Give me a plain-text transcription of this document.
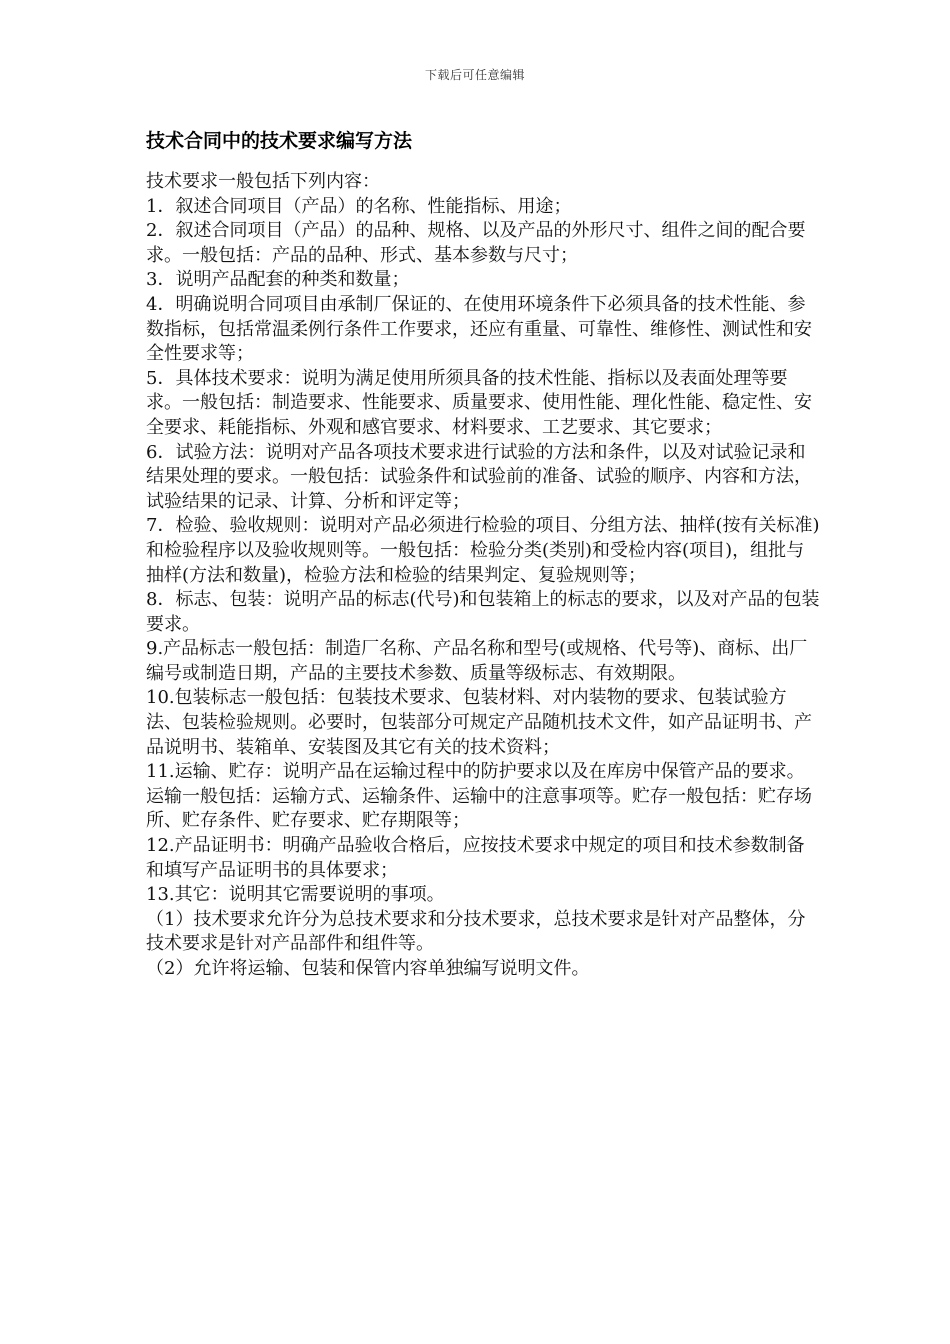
下载后可任意编辑
技术合同中的技术要求编写方法

技术要求一般包括下列内容：

1．叙述合同项目（产品）的名称、性能指标、用途；

2．叙述合同项目（产品）的品种、规格、以及产品的外形尺寸、组件之间的配合要求。一般包括：产品的品种、形式、基本参数与尺寸；

3．说明产品配套的种类和数量；

4．明确说明合同项目由承制厂保证的、在使用环境条件下必须具备的技术性能、参数指标，包括常温柔例行条件工作要求，还应有重量、可靠性、维修性、测试性和安全性要求等；

5．具体技术要求：说明为满足使用所须具备的技术性能、指标以及表面处理等要求。一般包括：制造要求、性能要求、质量要求、使用性能、理化性能、稳定性、安全要求、耗能指标、外观和感官要求、材料要求、工艺要求、其它要求；

6．试验方法：说明对产品各项技术要求进行试验的方法和条件，以及对试验记录和结果处理的要求。一般包括：试验条件和试验前的准备、试验的顺序、内容和方法，试验结果的记录、计算、分析和评定等；

7．检验、验收规则：说明对产品必须进行检验的项目、分组方法、抽样(按有关标准)和检验程序以及验收规则等。一般包括：检验分类(类别)和受检内容(项目)，组批与抽样(方法和数量)，检验方法和检验的结果判定、复验规则等；

8．标志、包装：说明产品的标志(代号)和包装箱上的标志的要求，以及对产品的包装要求。

9.产品标志一般包括：制造厂名称、产品名称和型号(或规格、代号等)、商标、出厂编号或制造日期，产品的主要技术参数、质量等级标志、有效期限。

10.包装标志一般包括：包装技术要求、包装材料、对内装物的要求、包装试验方法、包装检验规则。必要时，包装部分可规定产品随机技术文件，如产品证明书、产品说明书、装箱单、安装图及其它有关的技术资料；

11.运输、贮存：说明产品在运输过程中的防护要求以及在库房中保管产品的要求。运输一般包括：运输方式、运输条件、运输中的注意事项等。贮存一般包括：贮存场所、贮存条件、贮存要求、贮存期限等；

12.产品证明书：明确产品验收合格后，应按技术要求中规定的项目和技术参数制备和填写产品证明书的具体要求；

13.其它：说明其它需要说明的事项。

（1）技术要求允许分为总技术要求和分技术要求，总技术要求是针对产品整体，分技术要求是针对产品部件和组件等。

（2）允许将运输、包装和保管内容单独编写说明文件。
